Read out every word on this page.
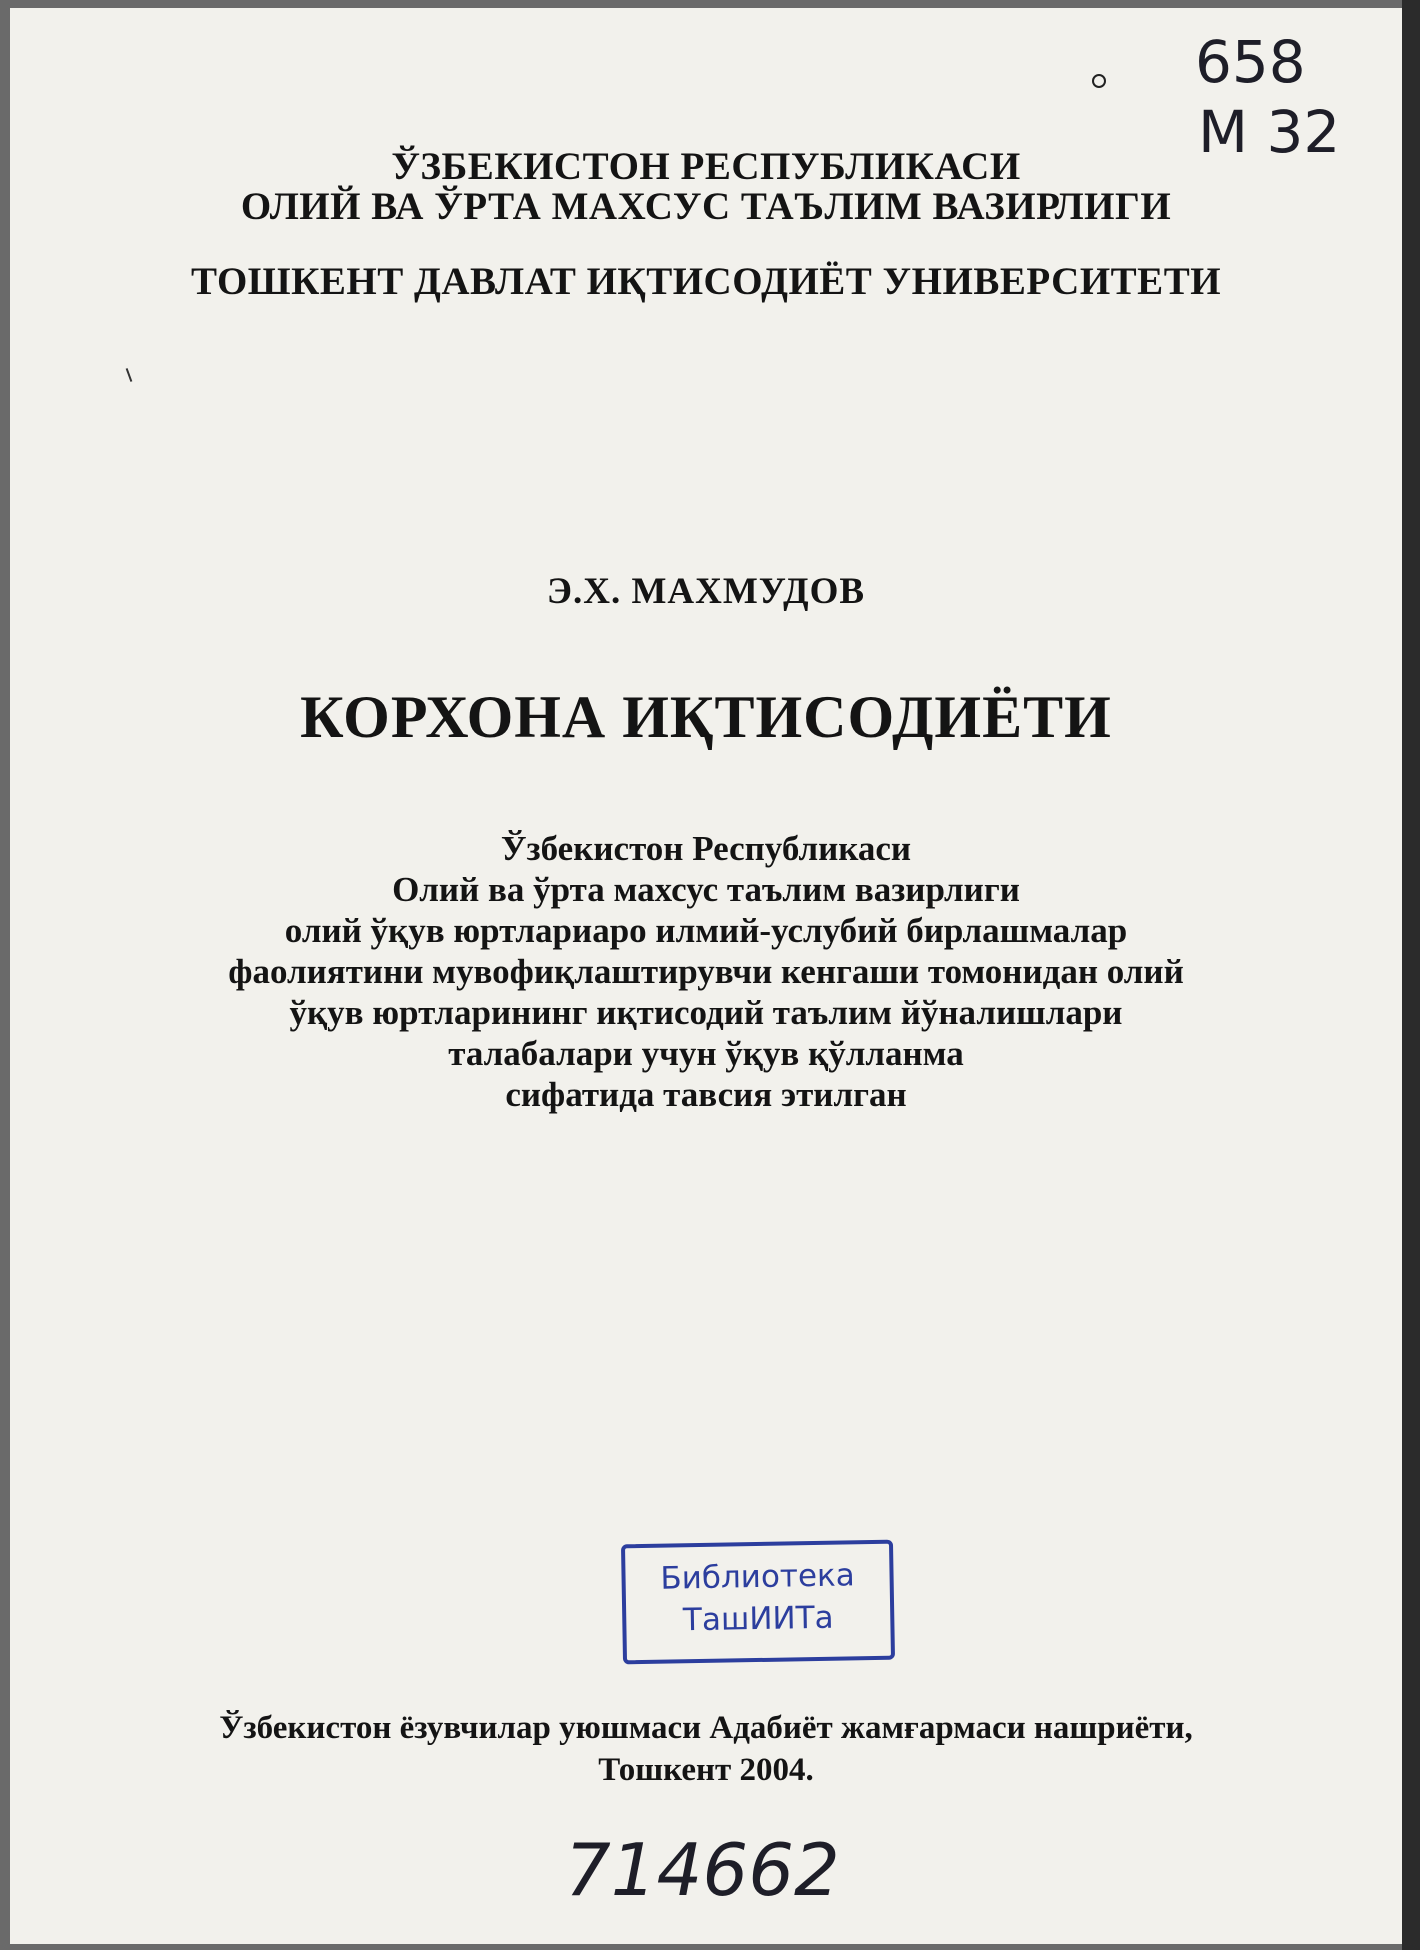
658
М 32
ЎЗБЕКИСТОН РЕСПУБЛИКАСИ
ОЛИЙ ВА ЎРТА МАХСУС ТАЪЛИМ ВАЗИРЛИГИ
ТОШКЕНТ ДАВЛАТ ИҚТИСОДИЁТ УНИВЕРСИТЕТИ
Э.Х. МАХМУДОВ
КОРХОНА ИҚТИСОДИЁТИ
Ўзбекистон Республикаси
Олий ва ўрта махсус таълим вазирлиги
олий ўқув юртлариаро илмий-услубий бирлашмалар
фаолиятини мувофиқлаштирувчи кенгаши томонидан олий
ўқув юртларининг иқтисодий таълим йўналишлари
талабалари учун ўқув қўлланма
сифатида тавсия этилган
Библиотека
ТашИИТа
Ўзбекистон ёзувчилар уюшмаси Адабиёт жамғармаси нашриёти,
Тошкент 2004.
714662
